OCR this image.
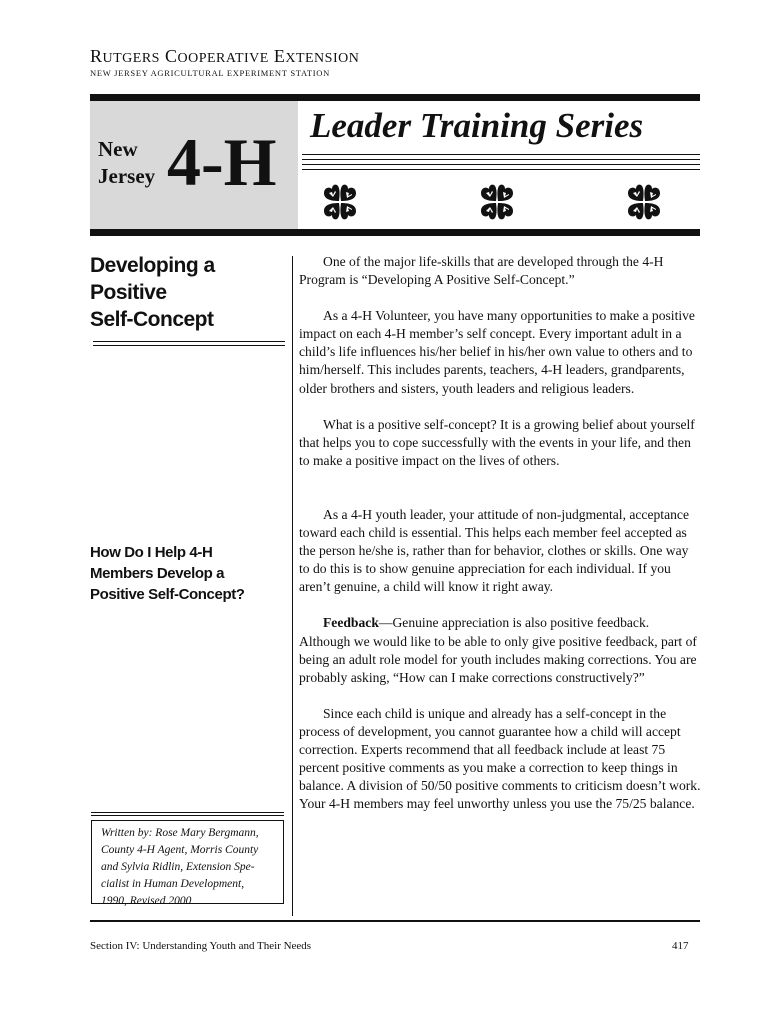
RUTGERS COOPERATIVE EXTENSION
NEW JERSEY AGRICULTURAL EXPERIMENT STATION
New
Jersey 4-H Leader Training Series
Developing a
Positive
Self-Concept
How Do I Help 4-H
Members Develop a
Positive Self-Concept?
Written by: Rose Mary Bergmann,
County 4-H Agent, Morris County
and Sylvia Ridlin, Extension Spe-
cialist in Human Development,
1990, Revised 2000

One of the major life-skills that are developed through the 4-H Program is “Developing A Positive Self-Concept.”

As a 4-H Volunteer, you have many opportunities to make a positive impact on each 4-H member’s self concept. Every important adult in a child’s life influences his/her belief in his/her own value to others and to him/herself. This includes parents, teachers, 4-H leaders, grandparents, older brothers and sisters, youth leaders and religious leaders.

What is a positive self-concept? It is a growing belief about yourself that helps you to cope successfully with the events in your life, and then to make a positive impact on the lives of others.

As a 4-H youth leader, your attitude of non-judgmental, acceptance toward each child is essential. This helps each member feel accepted as the person he/she is, rather than for behavior, clothes or skills. One way to do this is to show genuine appreciation for each individual. If you aren’t genuine, a child will know it right away.

Feedback—Genuine appreciation is also positive feedback. Although we would like to be able to only give positive feedback, part of being an adult role model for youth includes making corrections. You are probably asking, “How can I make corrections constructively?”

Since each child is unique and already has a self-concept in the process of development, you cannot guarantee how a child will accept correction. Experts recommend that all feedback include at least 75 percent positive comments as you make a correction to keep things in balance. A division of 50/50 positive comments to criticism doesn’t work. Your 4-H members may feel unworthy unless you use the 75/25 balance.

Section IV: Understanding Youth and Their Needs	417
